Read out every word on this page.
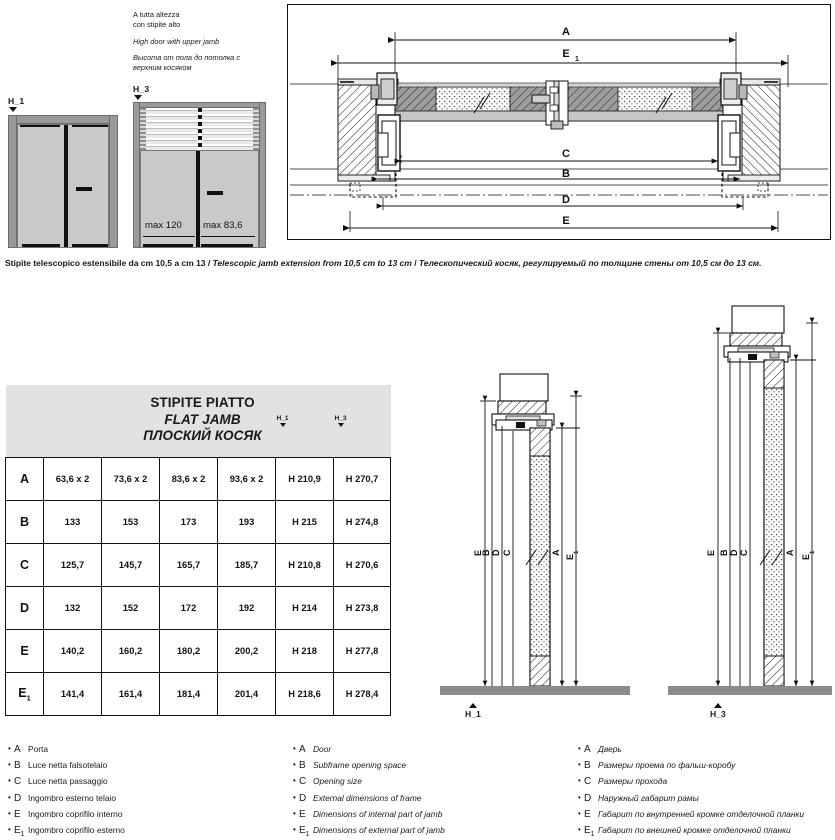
A tutta altezza
con stipite alto
High door with upper jamb
Высота от пола до потолка с
верхним косяком
H_1
H_3
max 120 max 83,6
Stipite telescopico estensibile da cm 10,5 a cm 13 / Telescopic jamb extension from 10,5 cm to 13 cm / Телескопический косяк, регулируемый по толщине стены от 10,5 см до 13 см.
A
E 1
C
B
D
E
E
B D C	A
E
1
H_1
E B D C	A
E
1
H_3
STIPITE PIATTO
FLAT JAMB
ПЛОСКИЙ КОСЯК
H_1 H_3						

A	63,6 x 2	73,6 x 2	83,6 x 2	93,6 x 2	H 210,9	H 270,7
B	133	153	173	193	H 215	H 274,8
C	125,7	145,7	165,7	185,7	H 210,8	H 270,6
D	132	152	172	192	H 214	H 273,8
E	140,2	160,2	180,2	200,2	H 218	H 277,8
$E_1$	141,4	161,4	181,4	201,4	H 218,6	H 278,4
• A Porta
• B Luce netta falsotelaio
• C Luce netta passaggio
• D Ingombro esterno telaio
• E Ingombro coprifilo interno
• $E_1$ Ingombro coprifilo esterno
• A Door
• B Subframe opening space
• C Opening size
• D External dimensions of frame
• E Dimensions of internal part of jamb
• $E_1$ Dimensions of external part of jamb
• A Дверь
• B Размеры проема по фальш-коробу
• C Размеры прохода
• D Наружный габарит рамы
• E Габарит по внутренней кромке отделочной планки
• $E_1$ Габарит по внешней кромке отделочной планки
